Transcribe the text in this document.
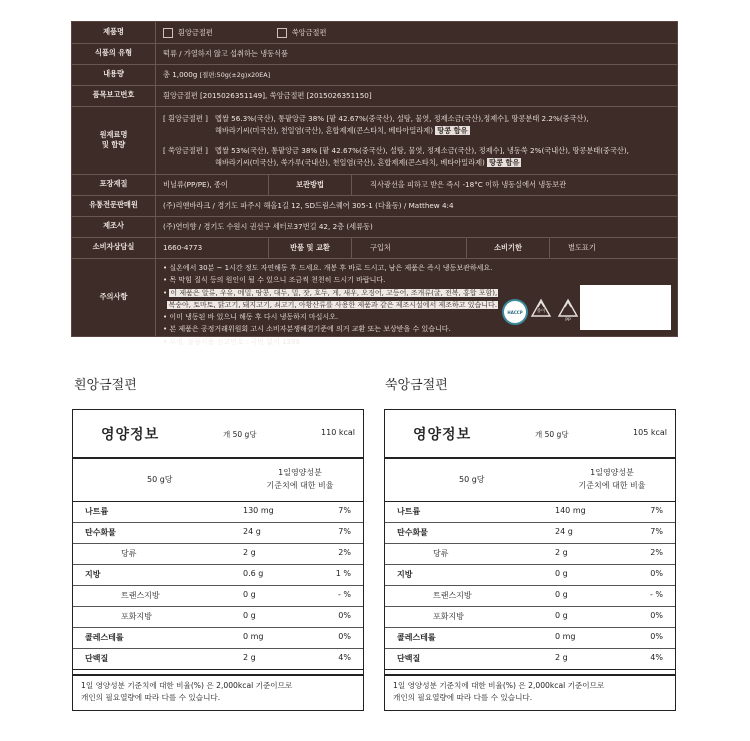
제품명	흰앙금절편	쑥앙금절편
식품의 유형	떡류 / 가열하지 않고 섭취하는 냉동식품
내용량	총 1,000g
[절편:50g(±2g)x20EA]
품목보고번호	흰앙금절편 [2015026351149], 쑥앙금절편 [2015026351150]
원재료명
및 함량
[ 흰앙금절편 ] 멥쌀 56.3%(국산), 통팥앙금 38% [팥 42.67%(중국산), 설탕, 물엿, 정제소금(국산),정제수], 땅콩분태 2.2%(중국산),
해바라기씨(미국산), 천일염(국산), 혼합제제(콘스타치, 베타아밀라제) 땅콩 함유
[ 쑥앙금절편 ] 멥쌀 53%(국산), 통팥앙금 38% [팥 42.67%(중국산), 설탕, 물엿, 정제소금(국산), 정제수], 냉동쑥 2%(국내산), 땅콩분태(중국산),
해바라기씨(미국산), 쑥가루(국내산), 천일염(국산), 혼합제제(콘스타치, 베타아밀라제) 땅콩 함유
포장재질	비닐류(PP/PE), 종이	보관방법	직사광선을 피하고 받은 즉시 -18°C 이하 냉동실에서 냉동보관
유통전문판매원	(주)리앤바라크 / 경기도 파주시 해올1길 12, SD드림스퀘어 305-1 (다율동) / Matthew 4:4
제조사	(주)연미향 / 경기도 수원시 권선구 세터로37번길 42, 2층 (세류동)
소비자상담실	1660-4773	반품 및 교환	구입처	소비기한	별도표기
주의사항
• 실온에서 30분 ~ 1시간 정도 자연해동 후 드세요. 개봉 후 바로 드시고, 남은 제품은 즉시 냉동보관하세요.
• 목 막힘 질식 등의 원인이 될 수 있으니 조금씩 천천히 드시기 바랍니다.
• 이 제품은 알류, 우유, 메밀, 땅콩, 대두, 밀, 잣, 호두, 게, 새우, 오징어, 고등어, 조개류(굴, 전복, 홍합 포함),
복숭아, 토마토, 닭고기, 돼지고기, 쇠고기, 아황산류를 사용한 제품과 같은 제조시설에서 제조하고 있습니다.
• 이미 냉동된 바 있으니 해동 후 다시 냉동하지 마십시오.
• 본 제품은 공정거래위원회 고시 소비자분쟁해결기준에 의거 교환 또는 보상받을 수 있습니다.
• 부정, 불량식품 신고번호 : 국번 없이 1399
HACCP	종이
PP
흰앙금절편	쑥앙금절편
영양정보	개 50 g당	110 kcal
50 g당
1일영양성분
기준치에 대한 비율
나트륨	130 mg	7%
탄수화물	24 g	7%
당류	2 g	2%
지방	0.6 g	1 %
트랜스지방	0 g	- %
포화지방	0 g	0%
콜레스테롤	0 mg	0%
단백질	2 g	4%
1일 영양성분 기준치에 대한 비율(%) 은 2,000kcal 기준이므로
개인의 필요열량에 따라 다를 수 있습니다.
영양정보	개 50 g당	105 kcal
50 g당
1일영양성분
기준치에 대한 비율
나트륨	140 mg	7%
탄수화물	24 g	7%
당류	2 g	2%
지방	0 g	0%
트랜스지방	0 g	- %
포화지방	0 g	0%
콜레스테롤	0 mg	0%
단백질	2 g	4%
1일 영양성분 기준치에 대한 비율(%) 은 2,000kcal 기준이므로
개인의 필요열량에 따라 다를 수 있습니다.
